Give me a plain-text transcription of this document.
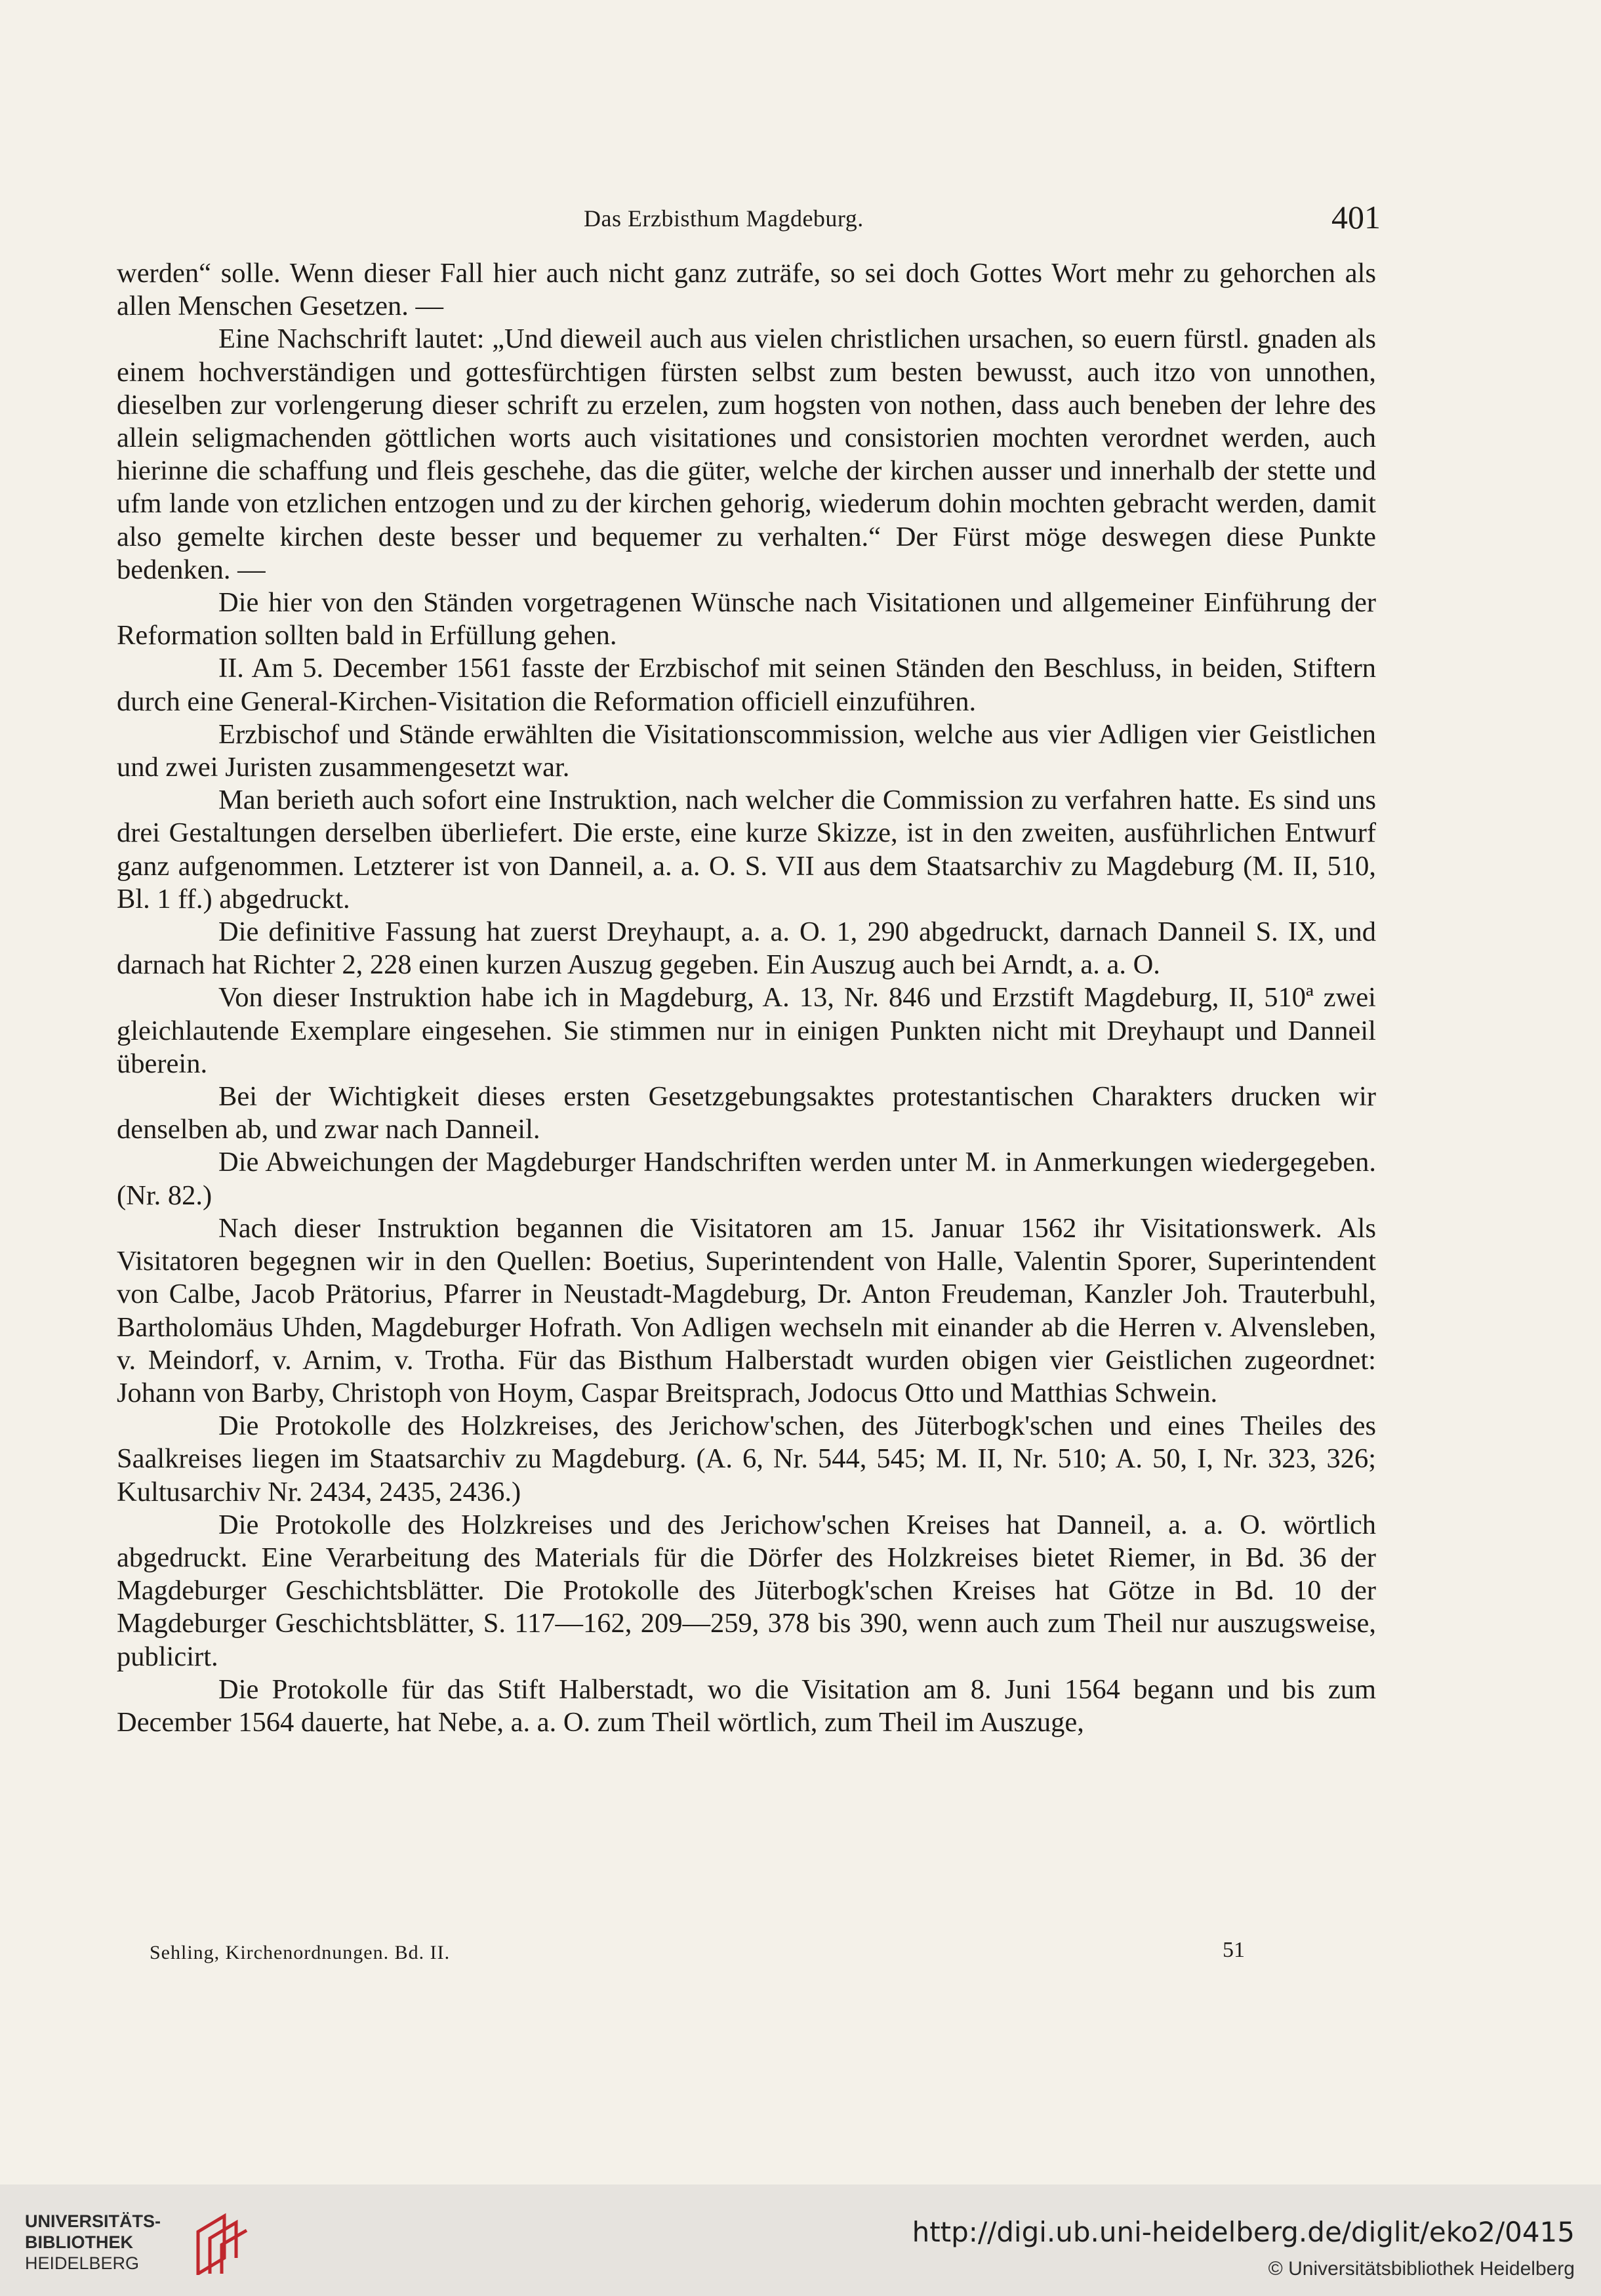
Das Erzbisthum Magdeburg.	401

werden“ solle. Wenn dieser Fall hier auch nicht ganz zuträfe, so sei doch Gottes Wort mehr zu gehorchen als allen Menschen Gesetzen. —

Eine Nachschrift lautet: „Und dieweil auch aus vielen christlichen ursachen, so euern fürstl. gnaden als einem hochverständigen und gottesfürchtigen fürsten selbst zum besten bewusst, auch itzo von unnothen, dieselben zur vorlengerung dieser schrift zu erzelen, zum hogsten von nothen, dass auch beneben der lehre des allein seligmachenden göttlichen worts auch visitationes und consistorien mochten verordnet werden, auch hierinne die schaffung und fleis geschehe, das die güter, welche der kirchen ausser und innerhalb der stette und ufm lande von etzlichen entzogen und zu der kirchen gehorig, wiederum dohin mochten gebracht werden, damit also gemelte kirchen deste besser und bequemer zu verhalten.“ Der Fürst möge deswegen diese Punkte bedenken. —

Die hier von den Ständen vorgetragenen Wünsche nach Visitationen und allgemeiner Einführung der Reformation sollten bald in Erfüllung gehen.

II. Am 5. December 1561 fasste der Erzbischof mit seinen Ständen den Beschluss, in beiden, Stiftern durch eine General-Kirchen-Visitation die Reformation officiell einzuführen.

Erzbischof und Stände erwählten die Visitationscommission, welche aus vier Adligen vier Geistlichen und zwei Juristen zusammengesetzt war.

Man berieth auch sofort eine Instruktion, nach welcher die Commission zu verfahren hatte. Es sind uns drei Gestaltungen derselben überliefert. Die erste, eine kurze Skizze, ist in den zweiten, ausführlichen Entwurf ganz aufgenommen. Letzterer ist von Danneil, a. a. O. S. VII aus dem Staatsarchiv zu Magdeburg (M. II, 510, Bl. 1 ff.) abgedruckt.

Die definitive Fassung hat zuerst Dreyhaupt, a. a. O. 1, 290 abgedruckt, darnach Danneil S. IX, und darnach hat Richter 2, 228 einen kurzen Auszug gegeben. Ein Auszug auch bei Arndt, a. a. O.

Von dieser Instruktion habe ich in Magdeburg, A. 13, Nr. 846 und Erzstift Magdeburg, II, 510ª zwei gleichlautende Exemplare eingesehen. Sie stimmen nur in einigen Punkten nicht mit Dreyhaupt und Danneil überein.

Bei der Wichtigkeit dieses ersten Gesetzgebungsaktes protestantischen Charakters drucken wir denselben ab, und zwar nach Danneil.

Die Abweichungen der Magdeburger Handschriften werden unter M. in Anmerkungen wiedergegeben. (Nr. 82.)

Nach dieser Instruktion begannen die Visitatoren am 15. Januar 1562 ihr Visitationswerk. Als Visitatoren begegnen wir in den Quellen: Boetius, Superintendent von Halle, Valentin Sporer, Superintendent von Calbe, Jacob Prätorius, Pfarrer in Neustadt-Magdeburg, Dr. Anton Freudeman, Kanzler Joh. Trauterbuhl, Bartholomäus Uhden, Magdeburger Hofrath. Von Adligen wechseln mit einander ab die Herren v. Alvensleben, v. Meindorf, v. Arnim, v. Trotha. Für das Bisthum Halberstadt wurden obigen vier Geistlichen zugeordnet: Johann von Barby, Christoph von Hoym, Caspar Breitsprach, Jodocus Otto und Matthias Schwein.

Die Protokolle des Holzkreises, des Jerichow'schen, des Jüterbogk'schen und eines Theiles des Saalkreises liegen im Staatsarchiv zu Magdeburg. (A. 6, Nr. 544, 545; M. II, Nr. 510; A. 50, I, Nr. 323, 326; Kultusarchiv Nr. 2434, 2435, 2436.)

Die Protokolle des Holzkreises und des Jerichow'schen Kreises hat Danneil, a. a. O. wörtlich abgedruckt. Eine Verarbeitung des Materials für die Dörfer des Holzkreises bietet Riemer, in Bd. 36 der Magdeburger Geschichtsblätter. Die Protokolle des Jüterbogk'schen Kreises hat Götze in Bd. 10 der Magdeburger Geschichtsblätter, S. 117—162, 209—259, 378 bis 390, wenn auch zum Theil nur auszugsweise, publicirt.

Die Protokolle für das Stift Halberstadt, wo die Visitation am 8. Juni 1564 begann und bis zum December 1564 dauerte, hat Nebe, a. a. O. zum Theil wörtlich, zum Theil im Auszuge,

Sehling, Kirchenordnungen. Bd. II.	51
UNIVERSITÄTS-
BIBLIOTHEK
HEIDELBERG
http://digi.ub.uni-heidelberg.de/diglit/eko2/0415
© Universitätsbibliothek Heidelberg
